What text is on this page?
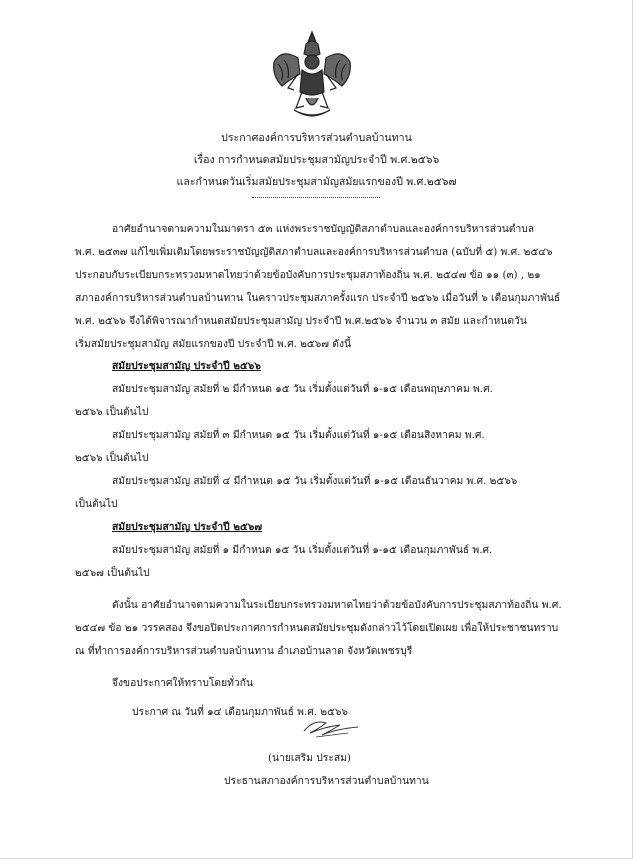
ประกาศองค์การบริหารส่วนตำบลบ้านทาน
เรื่อง การกำหนดสมัยประชุมสามัญประจำปี พ.ศ.๒๕๖๖
และกำหนดวันเริ่มสมัยประชุมสามัญสมัยแรกของปี พ.ศ.๒๕๖๗
อาศัยอำนาจตามความในมาตรา ๕๓ แห่งพระราชบัญญัติสภาตำบลและองค์การบริหารส่วนตำบล
พ.ศ. ๒๕๓๗ แก้ไขเพิ่มเติมโดยพระราชบัญญัติสภาตำบลและองค์การบริหารส่วนตำบล (ฉบับที่ ๕) พ.ศ. ๒๕๔๖
ประกอบกับระเบียบกระทรวงมหาดไทยว่าด้วยข้อบังคับการประชุมสภาท้องถิ่น พ.ศ. ๒๕๔๗ ข้อ ๑๑ (๓) , ๒๑
สภาองค์การบริหารส่วนตำบลบ้านทาน ในคราวประชุมสภาครั้งแรก ประจำปี ๒๕๖๖ เมื่อวันที่ ๖ เดือนกุมภาพันธ์
พ.ศ. ๒๕๖๖ จึงได้พิจารณากำหนดสมัยประชุมสามัญ ประจำปี พ.ศ.๒๕๖๖ จำนวน ๓ สมัย และกำหนดวัน
เริ่มสมัยประชุมสามัญ สมัยแรกของปี ประจำปี พ.ศ. ๒๕๖๗ ดังนี้
สมัยประชุมสามัญ ประจำปี ๒๕๖๖
สมัยประชุมสามัญ สมัยที่ ๒ มีกำหนด ๑๕ วัน เริ่มตั้งแต่วันที่ ๑-๑๕ เดือนพฤษภาคม พ.ศ.
๒๕๖๖ เป็นต้นไป
สมัยประชุมสามัญ สมัยที่ ๓ มีกำหนด ๑๕ วัน เริ่มตั้งแต่วันที่ ๑-๑๕ เดือนสิงหาคม พ.ศ.
๒๕๖๖ เป็นต้นไป
สมัยประชุมสามัญ สมัยที่ ๔ มีกำหนด ๑๕ วัน เริ่มตั้งแต่วันที่ ๑-๑๕ เดือนธันวาคม พ.ศ. ๒๕๖๖
เป็นต้นไป
สมัยประชุมสามัญ ประจำปี ๒๕๖๗
สมัยประชุมสามัญ สมัยที่ ๑ มีกำหนด ๑๕ วัน เริ่มตั้งแต่วันที่ ๑-๑๕ เดือนกุมภาพันธ์ พ.ศ.
๒๕๖๗ เป็นต้นไป
ดังนั้น อาศัยอำนาจตามความในระเบียบกระทรวงมหาดไทยว่าด้วยข้อบังคับการประชุมสภาท้องถิ่น พ.ศ.
๒๕๔๗ ข้อ ๒๑ วรรคสอง จึงขอปิดประกาศการกำหนดสมัยประชุมดังกล่าวไว้โดยเปิดเผย เพื่อให้ประชาชนทราบ
ณ ที่ทำการองค์การบริหารส่วนตำบลบ้านทาน อำเภอบ้านลาด จังหวัดเพชรบุรี
จึงขอประกาศให้ทราบโดยทั่วกัน
ประกาศ ณ วันที่ ๑๔ เดือนกุมภาพันธ์ พ.ศ. ๒๕๖๖
(นายเสริม ประสม)
ประธานสภาองค์การบริหารส่วนตำบลบ้านทาน
